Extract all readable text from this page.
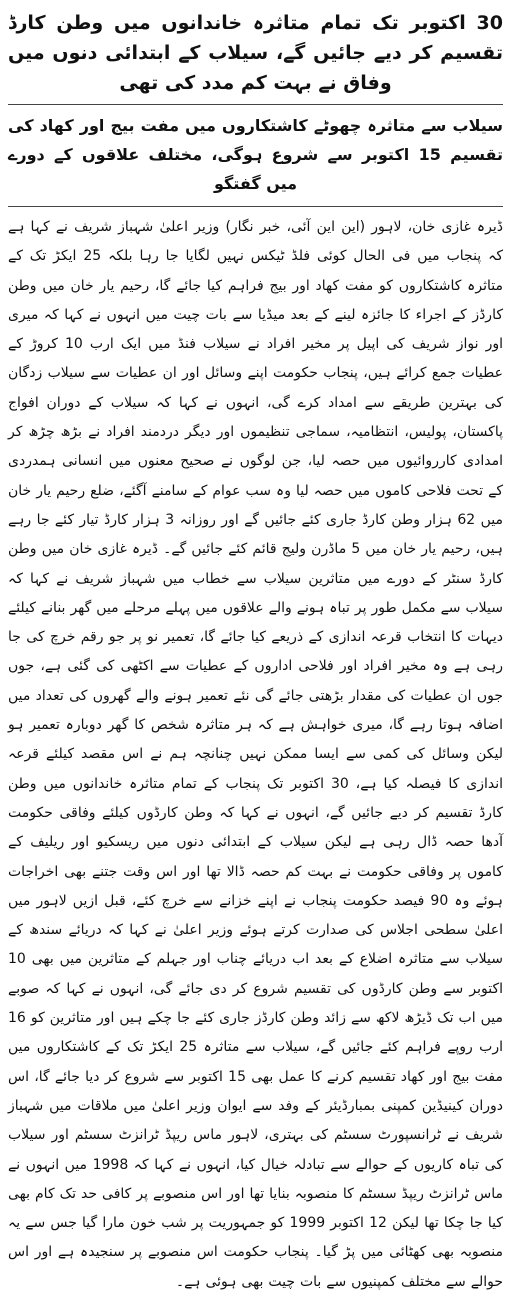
30 اکتوبر تک تمام متاثرہ خاندانوں میں وطن کارڈ تقسیم کر دیے جائیں گے، سیلاب کے ابتدائی دنوں میں وفاق نے بہت کم مدد کی تھی
سیلاب سے متاثرہ چھوٹے کاشتکاروں میں مفت بیج اور کھاد کی تقسیم 15 اکتوبر سے شروع ہوگی، مختلف علاقوں کے دورے میں گفتگو

ڈیرہ غازی خان، لاہور (این این آئی، خبر نگار) وزیر اعلیٰ شہباز شریف نے کہا ہے کہ پنجاب میں فی الحال کوئی فلڈ ٹیکس نہیں لگایا جا رہا بلکہ 25 ایکڑ تک کے متاثرہ کاشتکاروں کو مفت کھاد اور بیج فراہم کیا جائے گا، رحیم یار خان میں وطن کارڈز کے اجراء کا جائزہ لینے کے بعد میڈیا سے بات چیت میں انہوں نے کہا کہ میری اور نواز شریف کی اپیل پر مخیر افراد نے سیلاب فنڈ میں ایک ارب 10 کروڑ کے عطیات جمع کرائے ہیں، پنجاب حکومت اپنے وسائل اور ان عطیات سے سیلاب زدگان کی بہترین طریقے سے امداد کرے گی، انہوں نے کہا کہ سیلاب کے دوران افواج پاکستان، پولیس، انتظامیہ، سماجی تنظیموں اور دیگر دردمند افراد نے بڑھ چڑھ کر امدادی کارروائیوں میں حصہ لیا، جن لوگوں نے صحیح معنوں میں انسانی ہمدردی کے تحت فلاحی کاموں میں حصہ لیا وہ سب عوام کے سامنے آگئے، ضلع رحیم یار خان میں 62 ہزار وطن کارڈ جاری کئے جائیں گے اور روزانہ 3 ہزار کارڈ تیار کئے جا رہے ہیں، رحیم یار خان میں 5 ماڈرن ولیج قائم کئے جائیں گے۔ ڈیرہ غازی خان میں وطن کارڈ سنٹر کے دورے میں متاثرین سیلاب سے خطاب میں شہباز شریف نے کہا کہ سیلاب سے مکمل طور پر تباہ ہونے والے علاقوں میں پہلے مرحلے میں گھر بنانے کیلئے دیہات کا انتخاب قرعہ اندازی کے ذریعے کیا جائے گا، تعمیر نو پر جو رقم خرچ کی جا رہی ہے وہ مخیر افراد اور فلاحی اداروں کے عطیات سے اکٹھی کی گئی ہے، جوں جوں ان عطیات کی مقدار بڑھتی جائے گی نئے تعمیر ہونے والے گھروں کی تعداد میں اضافہ ہوتا رہے گا، میری خواہش ہے کہ ہر متاثرہ شخص کا گھر دوبارہ تعمیر ہو لیکن وسائل کی کمی سے ایسا ممکن نہیں چنانچہ ہم نے اس مقصد کیلئے قرعہ اندازی کا فیصلہ کیا ہے، 30 اکتوبر تک پنجاب کے تمام متاثرہ خاندانوں میں وطن کارڈ تقسیم کر دیے جائیں گے، انہوں نے کہا کہ وطن کارڈوں کیلئے وفاقی حکومت آدھا حصہ ڈال رہی ہے لیکن سیلاب کے ابتدائی دنوں میں ریسکیو اور ریلیف کے کاموں پر وفاقی حکومت نے بہت کم حصہ ڈالا تھا اور اس وقت جتنے بھی اخراجات ہوئے وہ 90 فیصد حکومت پنجاب نے اپنے خزانے سے خرچ کئے، قبل ازیں لاہور میں اعلیٰ سطحی اجلاس کی صدارت کرتے ہوئے وزیر اعلیٰ نے کہا کہ دریائے سندھ کے سیلاب سے متاثرہ اضلاع کے بعد اب دریائے چناب اور جہلم کے متاثرین میں بھی 10 اکتوبر سے وطن کارڈوں کی تقسیم شروع کر دی جائے گی، انہوں نے کہا کہ صوبے میں اب تک ڈیڑھ لاکھ سے زائد وطن کارڈز جاری کئے جا چکے ہیں اور متاثرین کو 16 ارب روپے فراہم کئے جائیں گے، سیلاب سے متاثرہ 25 ایکڑ تک کے کاشتکاروں میں مفت بیج اور کھاد تقسیم کرنے کا عمل بھی 15 اکتوبر سے شروع کر دیا جائے گا، اس دوران کینیڈین کمپنی بمبارڈیئر کے وفد سے ایوان وزیر اعلیٰ میں ملاقات میں شہباز شریف نے ٹرانسپورٹ سسٹم کی بہتری، لاہور ماس ریپڈ ٹرانزٹ سسٹم اور سیلاب کی تباہ کاریوں کے حوالے سے تبادلہ خیال کیا، انہوں نے کہا کہ 1998 میں انہوں نے ماس ٹرانزٹ ریپڈ سسٹم کا منصوبہ بنایا تھا اور اس منصوبے پر کافی حد تک کام بھی کیا جا چکا تھا لیکن 12 اکتوبر 1999 کو جمہوریت پر شب خون مارا گیا جس سے یہ منصوبہ بھی کھٹائی میں پڑ گیا۔ پنجاب حکومت اس منصوبے پر سنجیدہ ہے اور اس حوالے سے مختلف کمپنیوں سے بات چیت بھی ہوئی ہے۔
